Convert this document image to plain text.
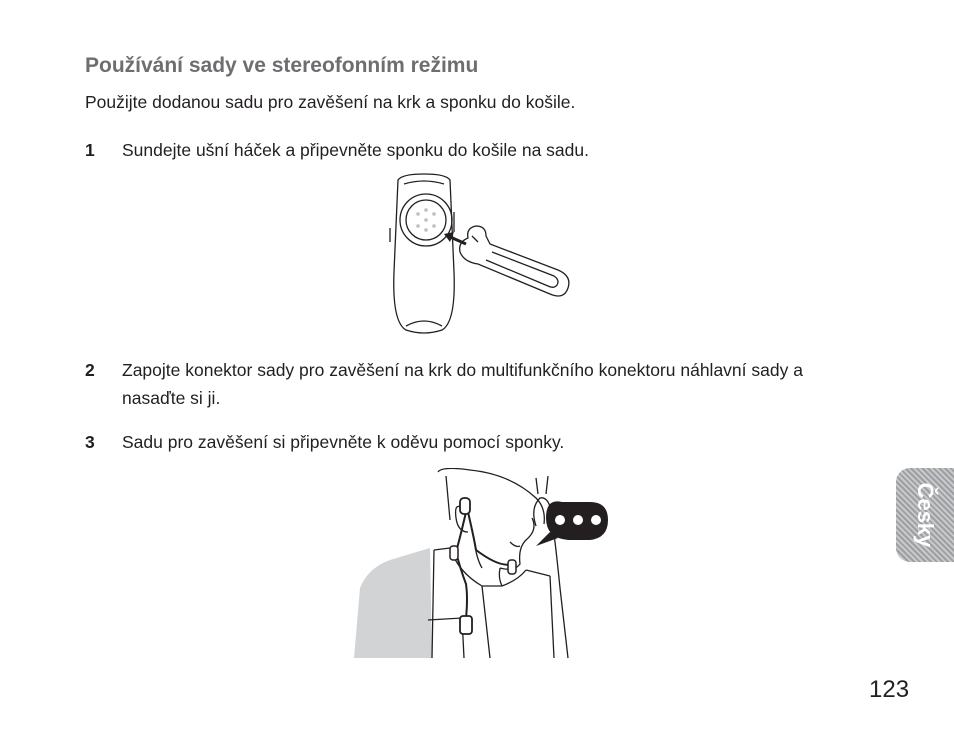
Používání sady ve stereofonním režimu
Použijte dodanou sadu pro zavěšení na krk a sponku do košile.
1 Sundejte ušní háček a připevněte sponku do košile na sadu.
2 Zapojte konektor sady pro zavěšení na krk do multifunkčního konektoru náhlavní sady a nasaďte si ji.
3 Sadu pro zavěšení si připevněte k oděvu pomocí sponky.
Česky
123
